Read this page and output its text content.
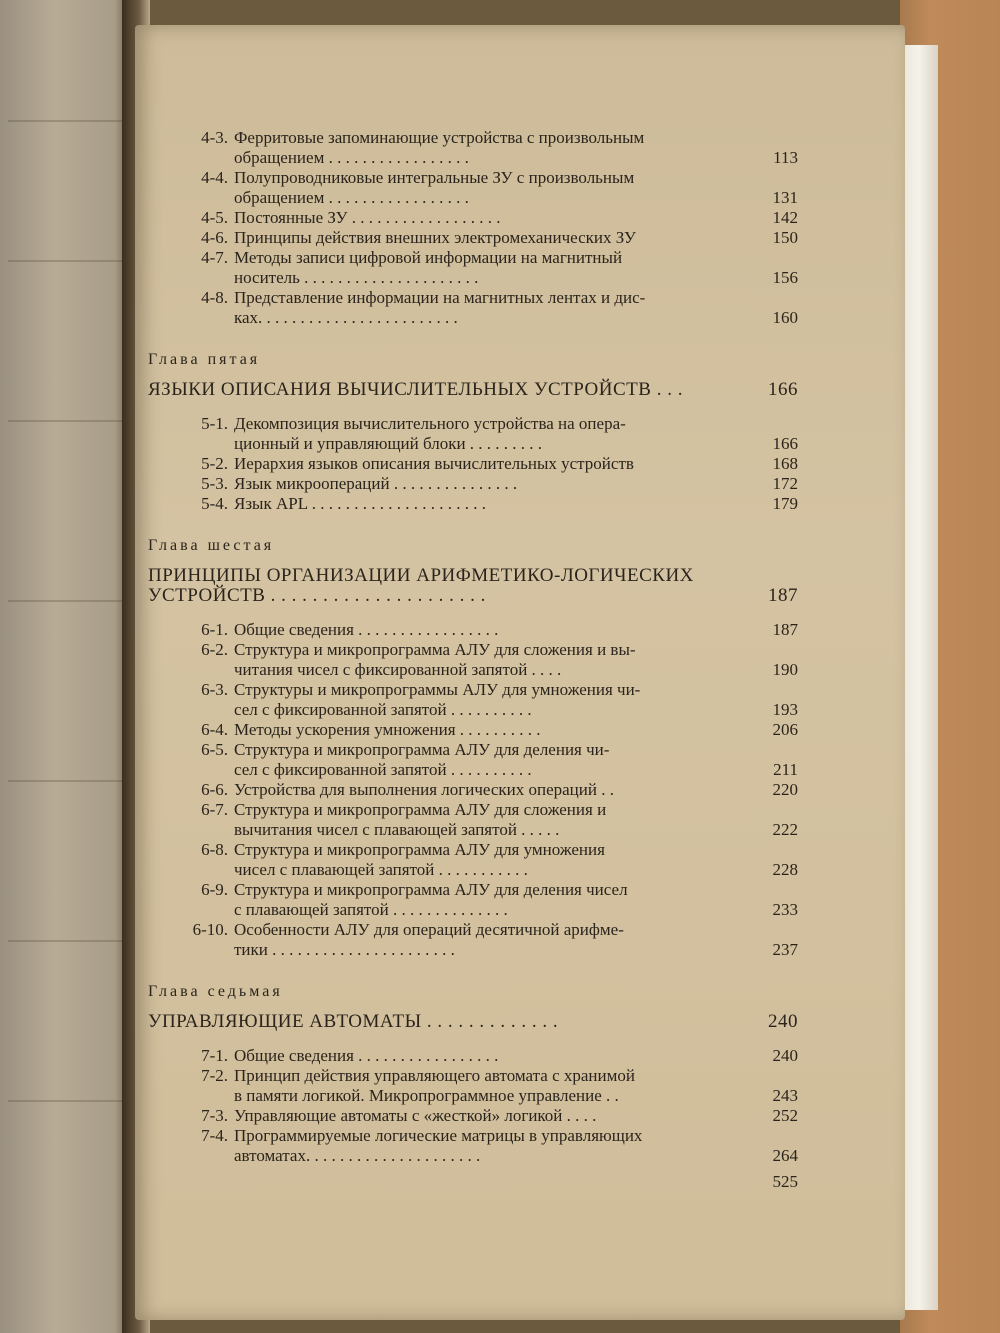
4-3. Ферритовые запоминающие устройства с произвольным
обращением . . . . . . . . . . . . . . . . .	113
4-4. Полупроводниковые интегральные ЗУ с произвольным
обращением . . . . . . . . . . . . . . . . .	131
4-5. Постоянные ЗУ . . . . . . . . . . . . . . . . . .	142
4-6. Принципы действия внешних электромеханических ЗУ	150
4-7. Методы записи цифровой информации на магнитный
носитель . . . . . . . . . . . . . . . . . . . . .	156
4-8. Представление информации на магнитных лентах и дис-
ках. . . . . . . . . . . . . . . . . . . . . . . .	160
Глава пятая
ЯЗЫКИ ОПИСАНИЯ ВЫЧИСЛИТЕЛЬНЫХ УСТРОЙСТВ . . .	166
5-1. Декомпозиция вычислительного устройства на опера-
ционный и управляющий блоки . . . . . . . . .	166
5-2. Иерархия языков описания вычислительных устройств	168
5-3. Язык микроопераций . . . . . . . . . . . . . . .	172
5-4. Язык APL . . . . . . . . . . . . . . . . . . . . .	179
Глава шестая
ПРИНЦИПЫ ОРГАНИЗАЦИИ АРИФМЕТИКО-ЛОГИЧЕСКИХ
УСТРОЙСТВ . . . . . . . . . . . . . . . . . . . . .	187
6-1. Общие сведения . . . . . . . . . . . . . . . . .	187
6-2. Структура и микропрограмма АЛУ для сложения и вы-
читания чисел с фиксированной запятой . . . .	190
6-3. Структуры и микропрограммы АЛУ для умножения чи-
сел с фиксированной запятой . . . . . . . . . .	193
6-4. Методы ускорения умножения . . . . . . . . . .	206
6-5. Структура и микропрограмма АЛУ для деления чи-
сел с фиксированной запятой . . . . . . . . . .	211
6-6. Устройства для выполнения логических операций . .	220
6-7. Структура и микропрограмма АЛУ для сложения и
вычитания чисел с плавающей запятой . . . . .	222
6-8. Структура и микропрограмма АЛУ для умножения
чисел с плавающей запятой . . . . . . . . . . .	228
6-9. Структура и микропрограмма АЛУ для деления чисел
с плавающей запятой . . . . . . . . . . . . . .	233
6-10. Особенности АЛУ для операций десятичной арифме-
тики . . . . . . . . . . . . . . . . . . . . . .	237
Глава седьмая
УПРАВЛЯЮЩИЕ АВТОМАТЫ . . . . . . . . . . . . .	240
7-1. Общие сведения . . . . . . . . . . . . . . . . .	240
7-2. Принцип действия управляющего автомата с хранимой
в памяти логикой. Микропрограммное управление . .	243
7-3. Управляющие автоматы с «жесткой» логикой . . . .	252
7-4. Программируемые логические матрицы в управляющих
автоматах. . . . . . . . . . . . . . . . . . . . .	264
525
